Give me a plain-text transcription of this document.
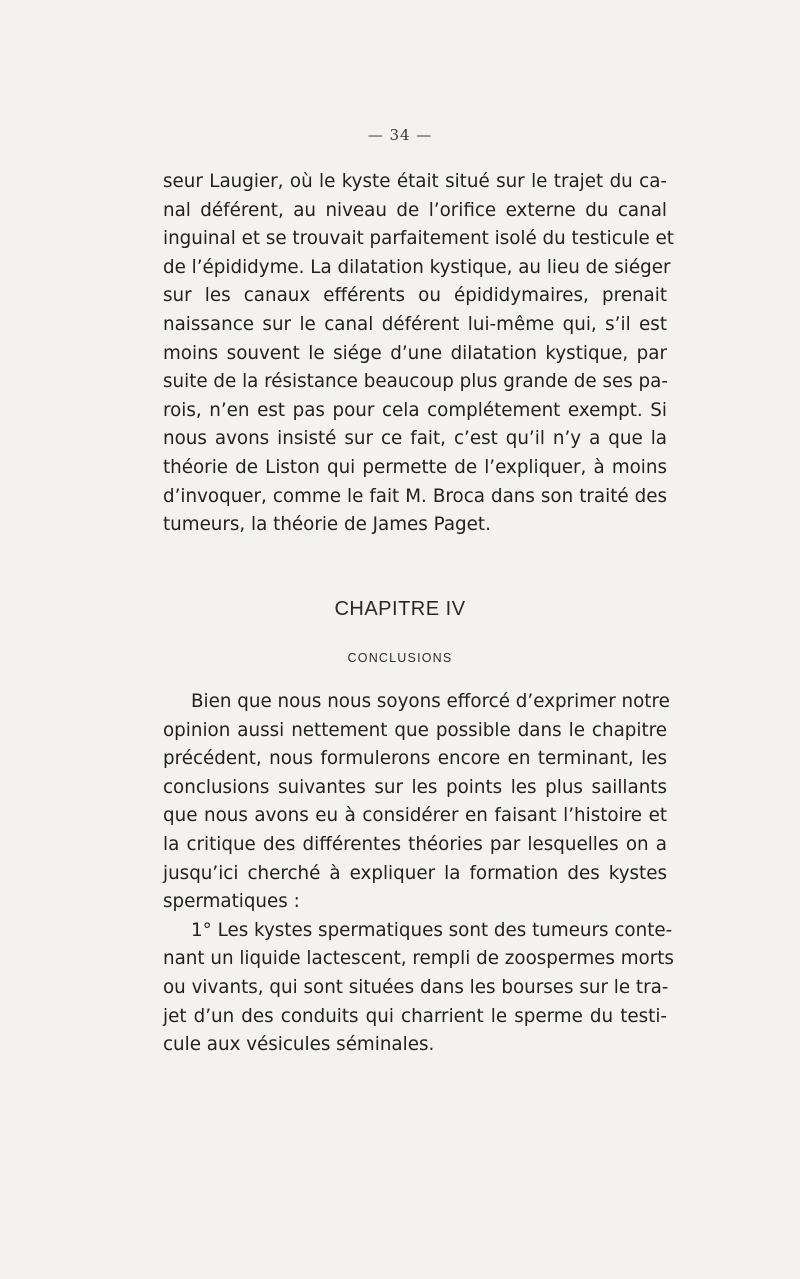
— 34 —
seur Laugier, où le kyste était situé sur le trajet du ca-
nal déférent, au niveau de l’orifice externe du canal
inguinal et se trouvait parfaitement isolé du testicule et
de l’épididyme. La dilatation kystique, au lieu de siéger
sur les canaux efférents ou épididymaires, prenait
naissance sur le canal déférent lui-même qui, s’il est
moins souvent le siége d’une dilatation kystique, par
suite de la résistance beaucoup plus grande de ses pa-
rois, n’en est pas pour cela complétement exempt. Si
nous avons insisté sur ce fait, c’est qu’il n’y a que la
théorie de Liston qui permette de l’expliquer, à moins
d’invoquer, comme le fait M. Broca dans son traité des
tumeurs, la théorie de James Paget.
CHAPITRE IV
CONCLUSIONS
Bien que nous nous soyons efforcé d’exprimer notre
opinion aussi nettement que possible dans le chapitre
précédent, nous formulerons encore en terminant, les
conclusions suivantes sur les points les plus saillants
que nous avons eu à considérer en faisant l’histoire et
la critique des différentes théories par lesquelles on a
jusqu’ici cherché à expliquer la formation des kystes
spermatiques :
1° Les kystes spermatiques sont des tumeurs conte-
nant un liquide lactescent, rempli de zoospermes morts
ou vivants, qui sont situées dans les bourses sur le tra-
jet d’un des conduits qui charrient le sperme du testi-
cule aux vésicules séminales.
